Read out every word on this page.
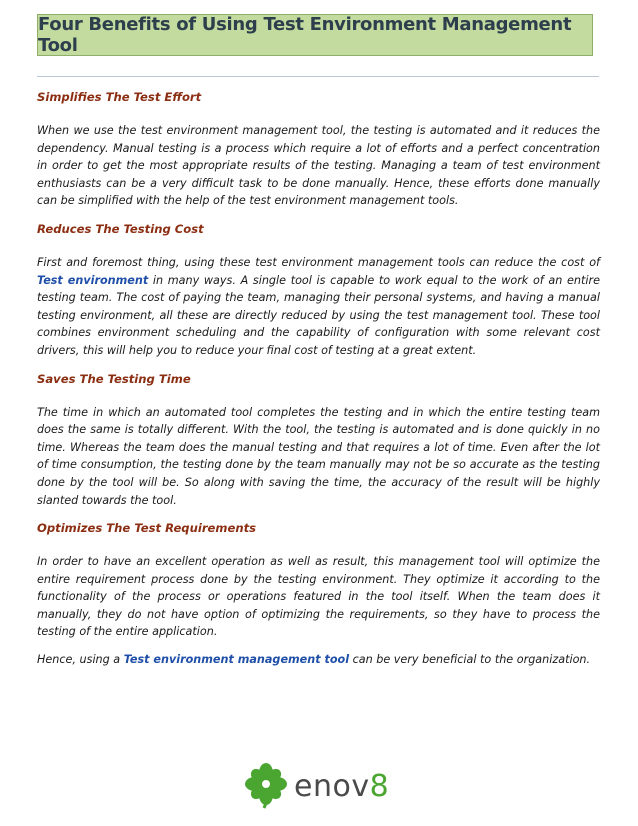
Four Benefits of Using Test Environment Management Tool
Simplifies The Test Effort

When we use the test environment management tool, the testing is automated and it reduces the dependency. Manual testing is a process which require a lot of efforts and a perfect concentration in order to get the most appropriate results of the testing. Managing a team of test environment enthusiasts can be a very difficult task to be done manually. Hence, these efforts done manually can be simplified with the help of the test environment management tools.

Reduces The Testing Cost

First and foremost thing, using these test environment management tools can reduce the cost of Test environment in many ways. A single tool is capable to work equal to the work of an entire testing team. The cost of paying the team, managing their personal systems, and having a manual testing environment, all these are directly reduced by using the test management tool. These tool combines environment scheduling and the capability of configuration with some relevant cost drivers, this will help you to reduce your final cost of testing at a great extent.

Saves The Testing Time

The time in which an automated tool completes the testing and in which the entire testing team does the same is totally different. With the tool, the testing is automated and is done quickly in no time. Whereas the team does the manual testing and that requires a lot of time. Even after the lot of time consumption, the testing done by the team manually may not be so accurate as the testing done by the tool will be. So along with saving the time, the accuracy of the result will be highly slanted towards the tool.

Optimizes The Test Requirements

In order to have an excellent operation as well as result, this management tool will optimize the entire requirement process done by the testing environment. They optimize it according to the functionality of the process or operations featured in the tool itself. When the team does it manually, they do not have option of optimizing the requirements, so they have to process the testing of the entire application.

Hence, using a Test environment management tool can be very beneficial to the organization.

enov8
